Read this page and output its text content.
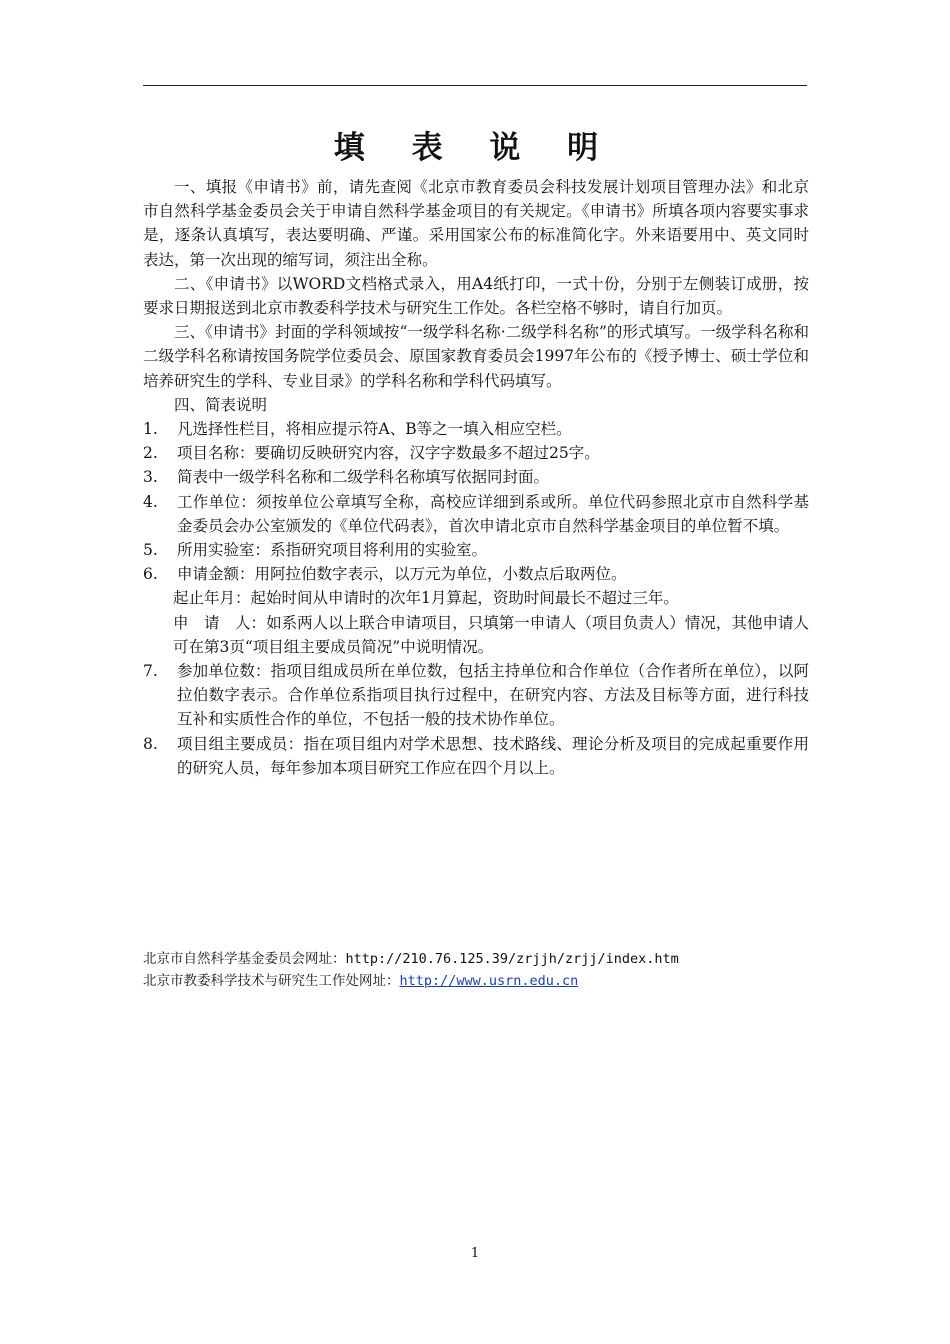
填 表 说 明

一、填报《申请书》前，请先查阅《北京市教育委员会科技发展计划项目管理办法》和北京市自然科学基金委员会关于申请自然科学基金项目的有关规定。《申请书》所填各项内容要实事求是，逐条认真填写，表达要明确、严谨。采用国家公布的标准简化字。外来语要用中、英文同时表达，第一次出现的缩写词，须注出全称。

二、《申请书》以WORD文档格式录入，用A4纸打印，一式十份，分别于左侧装订成册，按要求日期报送到北京市教委科学技术与研究生工作处。各栏空格不够时，请自行加页。

三、《申请书》封面的学科领域按“一级学科名称·二级学科名称”的形式填写。一级学科名称和二级学科名称请按国务院学位委员会、原国家教育委员会1997年公布的《授予博士、硕士学位和培养研究生的学科、专业目录》的学科名称和学科代码填写。

四、简表说明

1.	凡选择性栏目，将相应提示符A、B等之一填入相应空栏。
2.	项目名称：要确切反映研究内容，汉字字数最多不超过25字。
3.	简表中一级学科名称和二级学科名称填写依据同封面。
4.	工作单位：须按单位公章填写全称，高校应详细到系或所。单位代码参照北京市自然科学基金委员会办公室颁发的《单位代码表》，首次申请北京市自然科学基金项目的单位暂不填。
5.	所用实验室：系指研究项目将利用的实验室。
6.	申请金额：用阿拉伯数字表示，以万元为单位，小数点后取两位。

起止年月：起始时间从申请时的次年1月算起，资助时间最长不超过三年。

申　请　人：如系两人以上联合申请项目，只填第一申请人（项目负责人）情况，其他申请人可在第3页“项目组主要成员简况”中说明情况。

7.	参加单位数：指项目组成员所在单位数，包括主持单位和合作单位（合作者所在单位），以阿拉伯数字表示。合作单位系指项目执行过程中，在研究内容、方法及目标等方面，进行科技互补和实质性合作的单位，不包括一般的技术协作单位。
8.	项目组主要成员：指在项目组内对学术思想、技术路线、理论分析及项目的完成起重要作用的研究人员，每年参加本项目研究工作应在四个月以上。

北京市自然科学基金委员会网址：http://210.76.125.39/zrjjh/zrjj/index.htm

北京市教委科学技术与研究生工作处网址：http://www.usrn.edu.cn

1
